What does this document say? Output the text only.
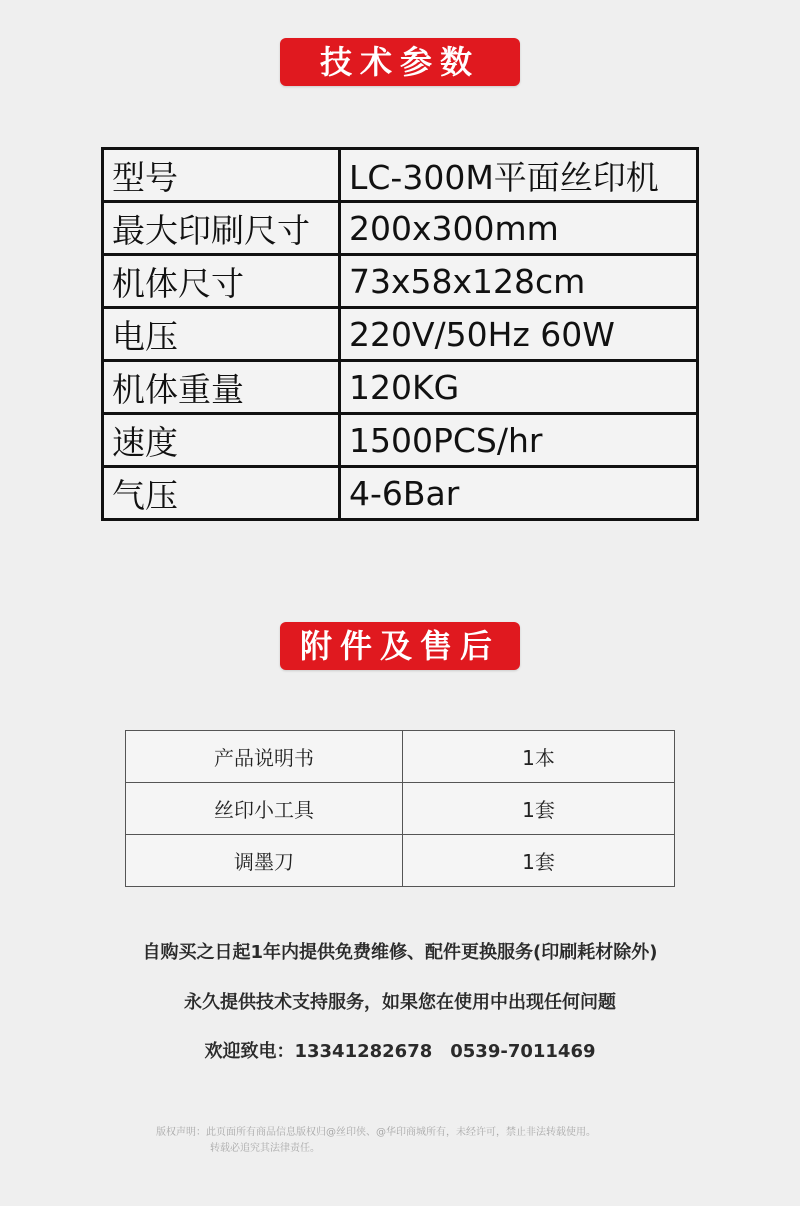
技术参数
型号	LC-300M平面丝印机
最大印刷尺寸	200x300mm
机体尺寸	73x58x128cm
电压	220V/50Hz 60W
机体重量	120KG
速度	1500PCS/hr
气压	4-6Bar
附件及售后
产品说明书	1本
丝印小工具	1套
调墨刀	1套
自购买之日起1年内提供免费维修、配件更换服务(印刷耗材除外)
永久提供技术支持服务，如果您在使用中出现任何问题
欢迎致电：13341282678　0539-7011469
版权声明：此页面所有商品信息版权归@丝印侠、@华印商城所有，未经许可，禁止非法转载使用。
转载必追究其法律责任。
